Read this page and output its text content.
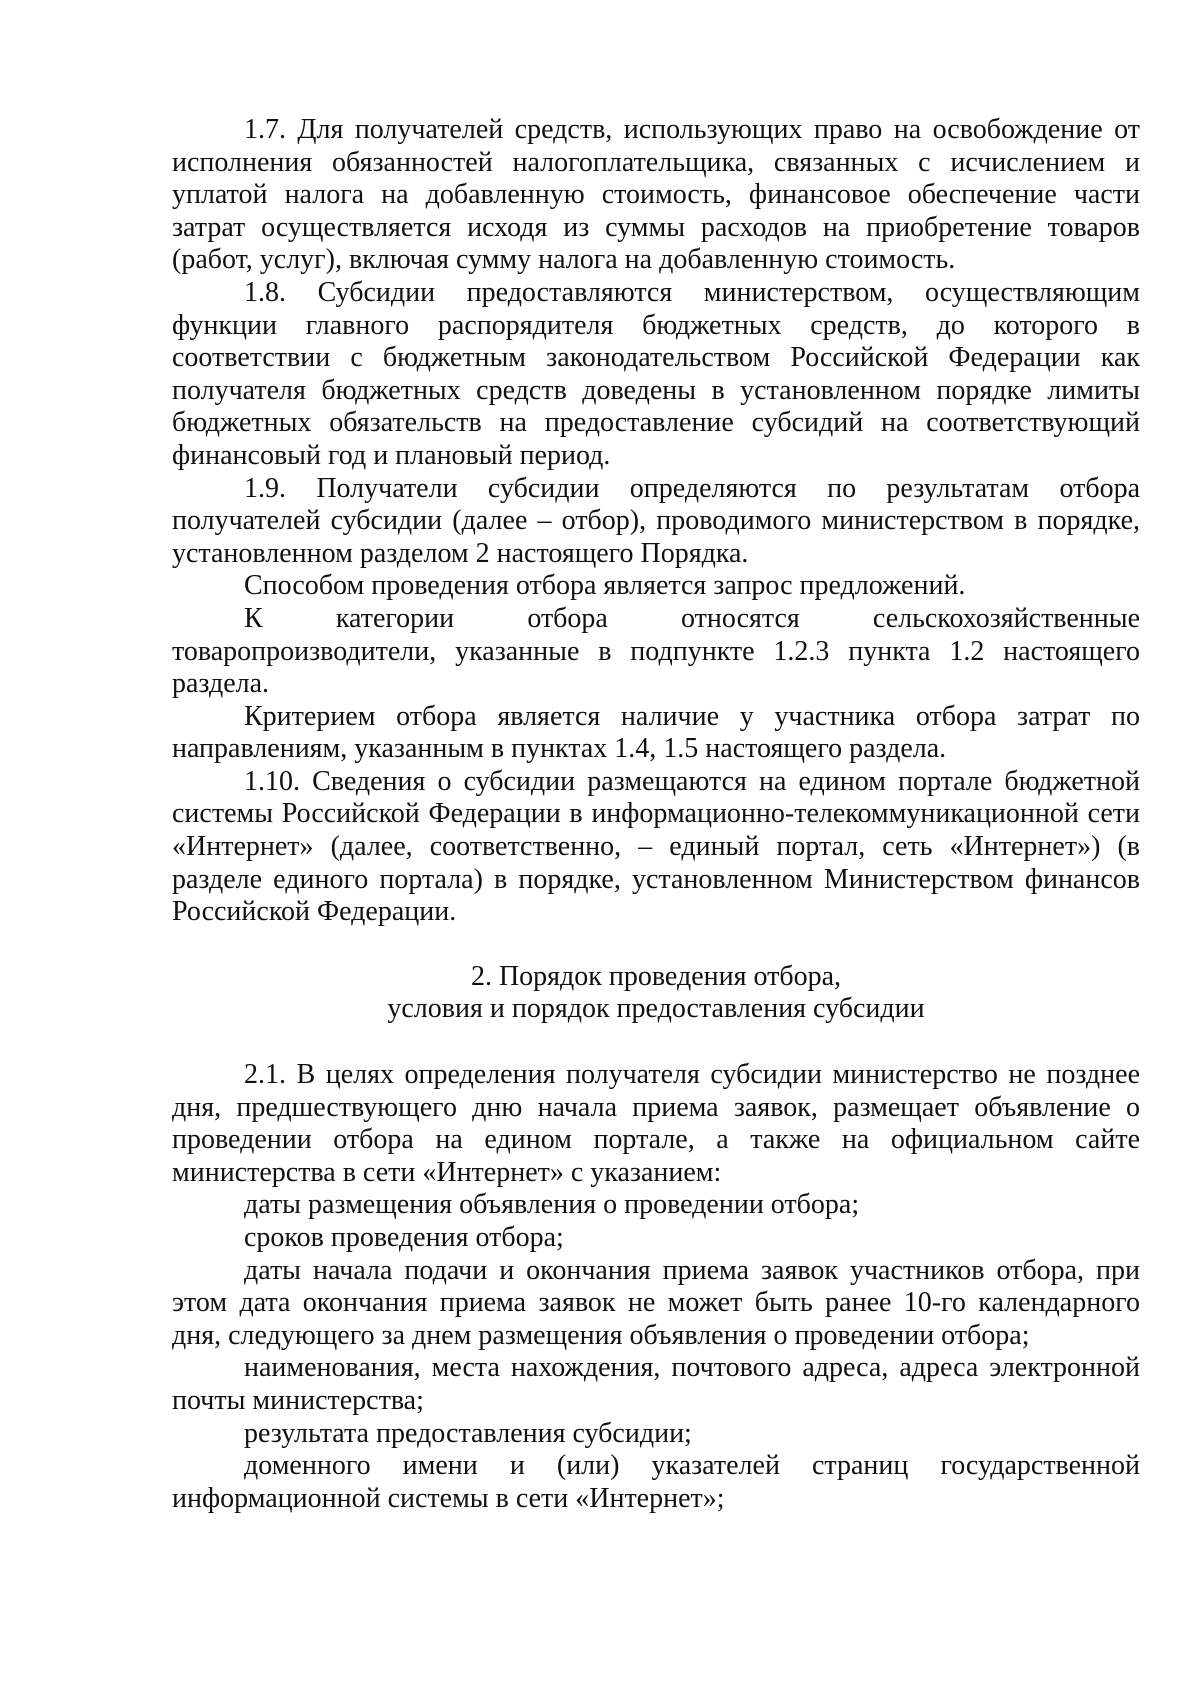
1.7. Для получателей средств, использующих право на освобождение от исполнения обязанностей налогоплательщика, связанных с исчислением и уплатой налога на добавленную стоимость, финансовое обеспечение части затрат осуществляется исходя из суммы расходов на приобретение товаров (работ, услуг), включая сумму налога на добавленную стоимость.

1.8. Субсидии предоставляются министерством, осуществляющим функции главного распорядителя бюджетных средств, до которого в соответствии с бюджетным законодательством Российской Федерации как получателя бюджетных средств доведены в установленном порядке лимиты бюджетных обязательств на предоставление субсидий на соответствующий финансовый год и плановый период.

1.9. Получатели субсидии определяются по результатам отбора получателей субсидии (далее – отбор), проводимого министерством в порядке, установленном разделом 2 настоящего Порядка.

Способом проведения отбора является запрос предложений.

К категории отбора относятся сельскохозяйственные товаропроизводители, указанные в подпункте 1.2.3 пункта 1.2 настоящего раздела.

Критерием отбора является наличие у участника отбора затрат по направлениям, указанным в пунктах 1.4, 1.5 настоящего раздела.

1.10. Сведения о субсидии размещаются на едином портале бюджетной системы Российской Федерации в информационно-телекоммуникационной сети «Интернет» (далее, соответственно, – единый портал, сеть «Интернет») (в разделе единого портала) в порядке, установленном Министерством финансов Российской Федерации.

2. Порядок проведения отбора,
условия и порядок предоставления субсидии

2.1. В целях определения получателя субсидии министерство не позднее дня, предшествующего дню начала приема заявок, размещает объявление о проведении отбора на едином портале, а также на официальном сайте министерства в сети «Интернет» с указанием:

даты размещения объявления о проведении отбора;

сроков проведения отбора;

даты начала подачи и окончания приема заявок участников отбора, при этом дата окончания приема заявок не может быть ранее 10-го календарного дня, следующего за днем размещения объявления о проведении отбора;

наименования, места нахождения, почтового адреса, адреса электронной почты министерства;

результата предоставления субсидии;

доменного имени и (или) указателей страниц государственной информационной системы в сети «Интернет»;
